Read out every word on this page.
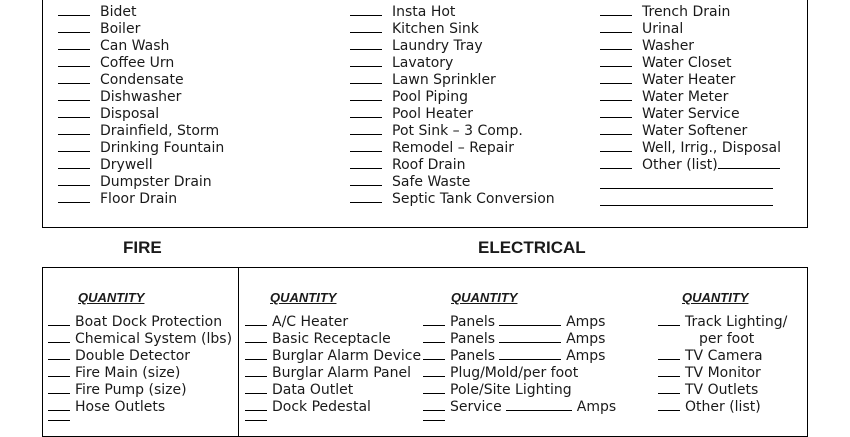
Bidet
Boiler
Can Wash
Coffee Urn
Condensate
Dishwasher
Disposal
Drainfield, Storm
Drinking Fountain
Drywell
Dumpster Drain
Floor Drain
Insta Hot
Kitchen Sink
Laundry Tray
Lavatory
Lawn Sprinkler
Pool Piping
Pool Heater
Pot Sink – 3 Comp.
Remodel – Repair
Roof Drain
Safe Waste
Septic Tank Conversion
Trench Drain
Urinal
Washer
Water Closet
Water Heater
Water Meter
Water Service
Water Softener
Well, Irrig., Disposal
Other (list)
FIRE	ELECTRICAL
QUANTITY	QUANTITY	QUANTITY	QUANTITY
Boat Dock Protection
Chemical System (lbs)
Double Detector
Fire Main (size)
Fire Pump (size)
Hose Outlets
A/C Heater
Basic Receptacle
Burglar Alarm Device
Burglar Alarm Panel
Data Outlet
Dock Pedestal
Panels	Amps
Panels	Amps
Panels	Amps
Plug/Mold/per foot
Pole/Site Lighting
Service	Amps
Track Lighting/
per foot
TV Camera
TV Monitor
TV Outlets
Other (list)
